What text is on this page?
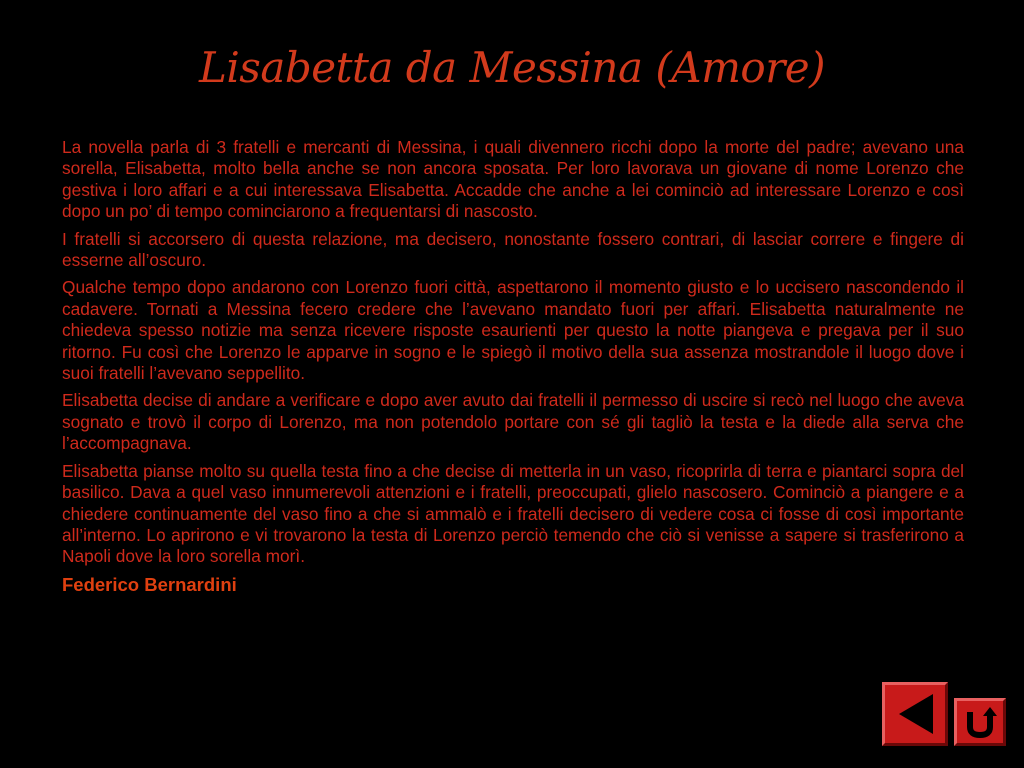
Lisabetta da Messina (Amore)

La novella parla di 3 fratelli e mercanti di Messina, i quali divennero ricchi dopo la morte del padre; avevano una sorella, Elisabetta, molto bella anche se non ancora sposata. Per loro lavorava un giovane di nome Lorenzo che gestiva i loro affari e a cui interessava Elisabetta. Accadde che anche a lei cominciò ad interessare Lorenzo e così dopo un po’ di tempo cominciarono a frequentarsi di nascosto.

I fratelli si accorsero di questa relazione, ma decisero, nonostante fossero contrari, di lasciar correre e fingere di esserne all’oscuro.

Qualche tempo dopo andarono con Lorenzo fuori città, aspettarono il momento giusto e lo uccisero nascondendo il cadavere. Tornati a Messina fecero credere che l’avevano mandato fuori per affari. Elisabetta naturalmente ne chiedeva spesso notizie ma senza ricevere risposte esaurienti per questo la notte piangeva e pregava per il suo ritorno. Fu così che Lorenzo le apparve in sogno e le spiegò il motivo della sua assenza mostrandole il luogo dove i suoi fratelli l’avevano seppellito.

Elisabetta decise di andare a verificare e dopo aver avuto dai fratelli il permesso di uscire si recò nel luogo che aveva sognato e trovò il corpo di Lorenzo, ma non potendolo portare con sé gli tagliò la testa e la diede alla serva che l’accompagnava.

Elisabetta pianse molto su quella testa fino a che decise di metterla in un vaso, ricoprirla di terra e piantarci sopra del basilico. Dava a quel vaso innumerevoli attenzioni e i fratelli, preoccupati, glielo nascosero. Cominciò a piangere e a chiedere continuamente del vaso fino a che si ammalò e i fratelli decisero di vedere cosa ci fosse di così importante all’interno. Lo aprirono e vi trovarono la testa di Lorenzo perciò temendo che ciò si venisse a sapere si trasferirono a Napoli dove la loro sorella morì.

Federico Bernardini
